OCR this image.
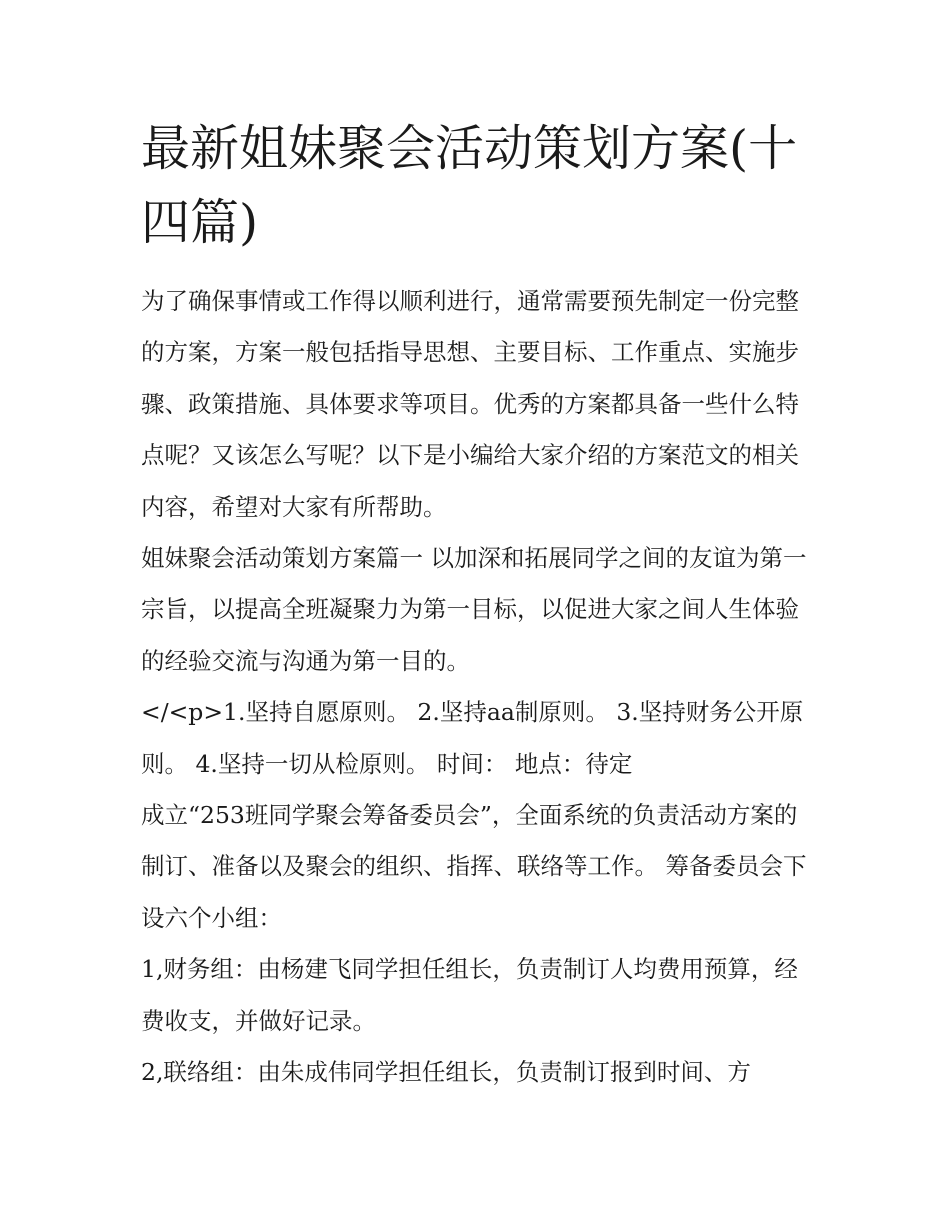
最新姐妹聚会活动策划方案(十四篇)

为了确保事情或工作得以顺利进行，通常需要预先制定一份完整的方案，方案一般包括指导思想、主要目标、工作重点、实施步骤、政策措施、具体要求等项目。优秀的方案都具备一些什么特点呢？又该怎么写呢？以下是小编给大家介绍的方案范文的相关内容，希望对大家有所帮助。

姐妹聚会活动策划方案篇一 以加深和拓展同学之间的友谊为第一宗旨，以提高全班凝聚力为第一目标，以促进大家之间人生体验的经验交流与沟通为第一目的。

</<p>1.坚持自愿原则。 2.坚持aa制原则。 3.坚持财务公开原则。 4.坚持一切从检原则。 时间： 地点：待定

成立“253班同学聚会筹备委员会”，全面系统的负责活动方案的制订、准备以及聚会的组织、指挥、联络等工作。 筹备委员会下设六个小组：

1,财务组：由杨建飞同学担任组长，负责制订人均费用预算，经费收支，并做好记录。

2,联络组：由朱成伟同学担任组长，负责制订报到时间、方
